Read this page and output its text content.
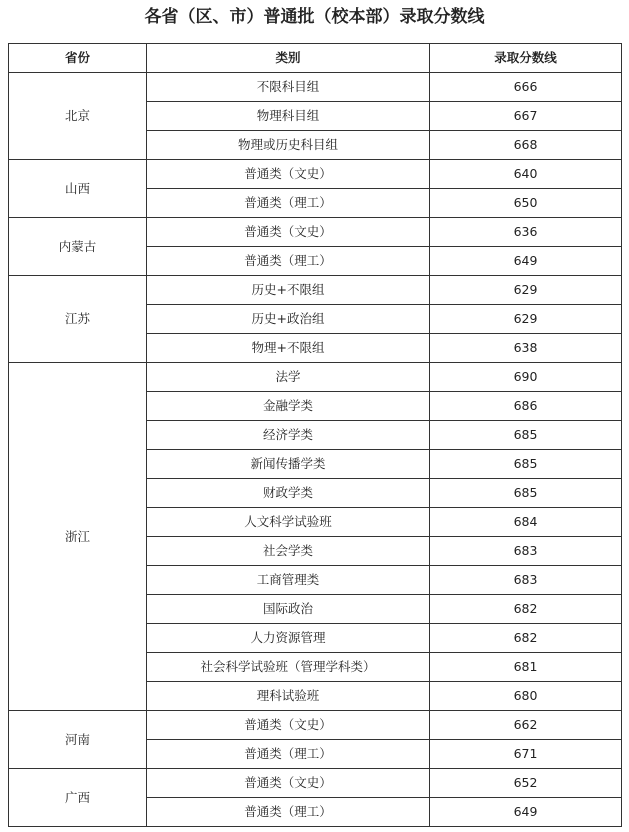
各省（区、市）普通批（校本部）录取分数线
省份	类别	录取分数线
北京	不限科目组	666
	物理科目组	667
	物理或历史科目组	668
山西	普通类（文史）	640
	普通类（理工）	650
内蒙古	普通类（文史）	636
	普通类（理工）	649
江苏	历史+不限组	629
	历史+政治组	629
	物理+不限组	638
浙江	法学	690
	金融学类	686
	经济学类	685
	新闻传播学类	685
	财政学类	685
	人文科学试验班	684
	社会学类	683
	工商管理类	683
	国际政治	682
	人力资源管理	682
	社会科学试验班（管理学科类）	681
	理科试验班	680
河南	普通类（文史）	662
	普通类（理工）	671
广西	普通类（文史）	652
	普通类（理工）	649
